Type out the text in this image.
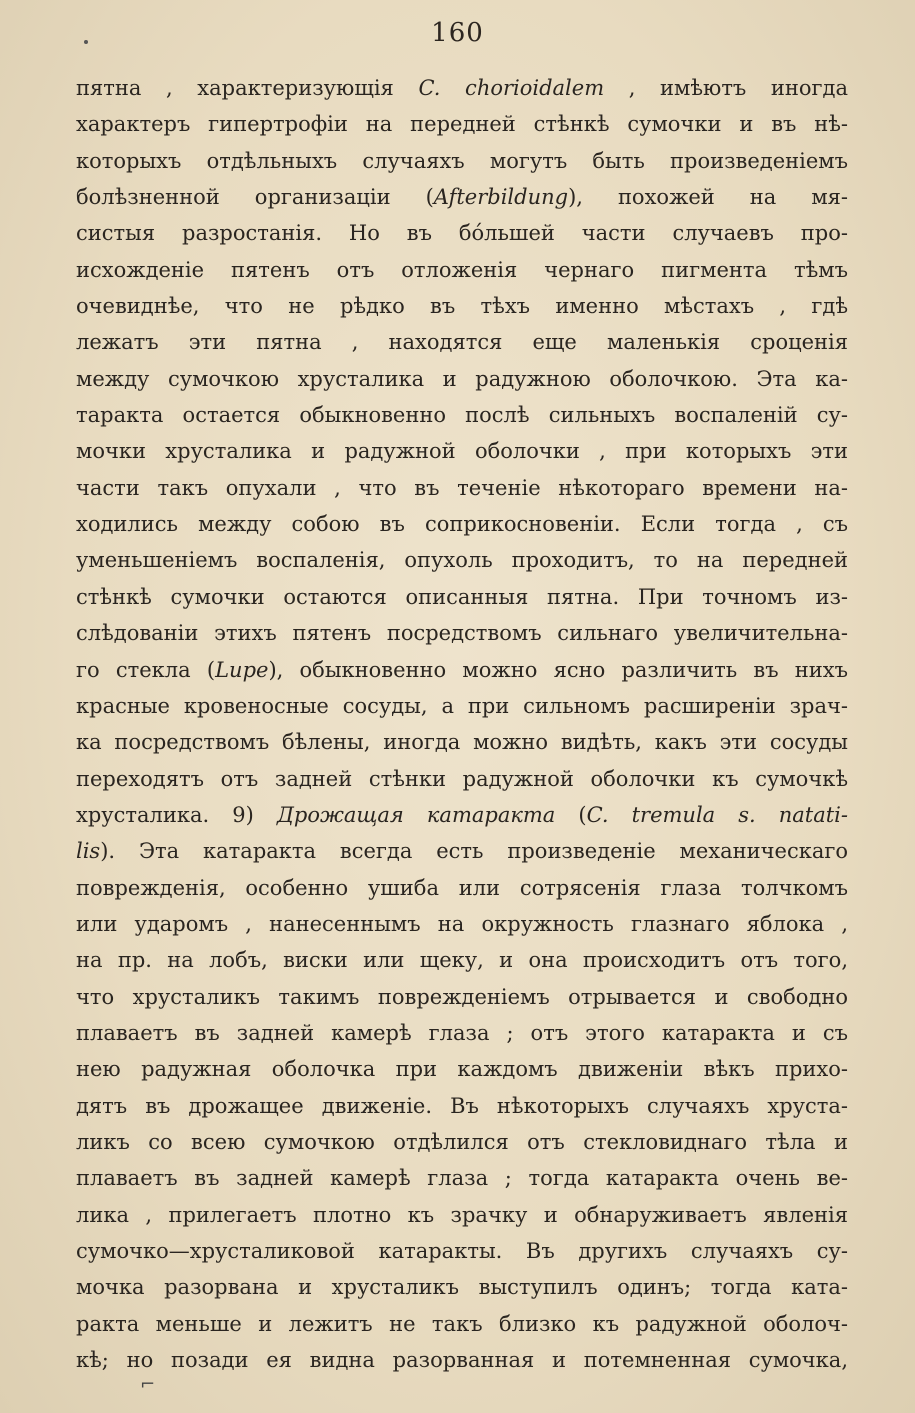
160
пятна , характеризующія C. chorioidalem , имѣютъ иногда
характеръ гипертрофіи на передней стѣнкѣ сумочки и въ нѣ-
которыхъ отдѣльныхъ случаяхъ могутъ быть произведеніемъ
болѣзненной организаціи (Afterbildung), похожей на мя-
систыя разростанія. Но въ бóльшей части случаевъ про-
исхожденіе пятенъ отъ отложенія чернаго пигмента тѣмъ
очевиднѣе, что не рѣдко въ тѣхъ именно мѣстахъ , гдѣ
лежатъ эти пятна , находятся еще маленькія сроценія
между сумочкою хрусталика и радужною оболочкою. Эта ка-
таракта остается обыкновенно послѣ сильныхъ воспаленій су-
мочки хрусталика и радужной оболочки , при которыхъ эти
части такъ опухали , что въ теченіе нѣкотораго времени на-
ходились между собою въ соприкосновеніи. Если тогда , съ
уменьшеніемъ воспаленія, опухоль проходитъ, то на передней
стѣнкѣ сумочки остаются описанныя пятна. При точномъ из-
слѣдованіи этихъ пятенъ посредствомъ сильнаго увеличительна-
го стекла (Lupe), обыкновенно можно ясно различить въ нихъ
красные кровеносные сосуды, а при сильномъ расширеніи зрач-
ка посредствомъ бѣлены, иногда можно видѣть, какъ эти сосуды
переходятъ отъ задней стѣнки радужной оболочки къ сумочкѣ
хрусталика. 9) Дрожащая катаракта (C. tremula s. natati-
lis). Эта катаракта всегда есть произведеніе механическаго
поврежденія, особенно ушиба или сотрясенія глаза толчкомъ
или ударомъ , нанесеннымъ на окружность глазнаго яблока ,
на пр. на лобъ, виски или щеку, и она происходитъ отъ того,
что хрусталикъ такимъ поврежденіемъ отрывается и свободно
плаваетъ въ задней камерѣ глаза ; отъ этого катаракта и съ
нею радужная оболочка при каждомъ движеніи вѣкъ прихо-
дятъ въ дрожащее движеніе. Въ нѣкоторыхъ случаяхъ хруста-
ликъ со всею сумочкою отдѣлился отъ стекловиднаго тѣла и
плаваетъ въ задней камерѣ глаза ; тогда катаракта очень ве-
лика , прилегаетъ плотно къ зрачку и обнаруживаетъ явленія
сумочко—хрусталиковой катаракты. Въ другихъ случаяхъ су-
мочка разорвана и хрусталикъ выступилъ одинъ; тогда ката-
ракта меньше и лежитъ не такъ близко къ радужной оболоч-
кѣ; но позади ея видна разорванная и потемненная сумочка,
⌐
